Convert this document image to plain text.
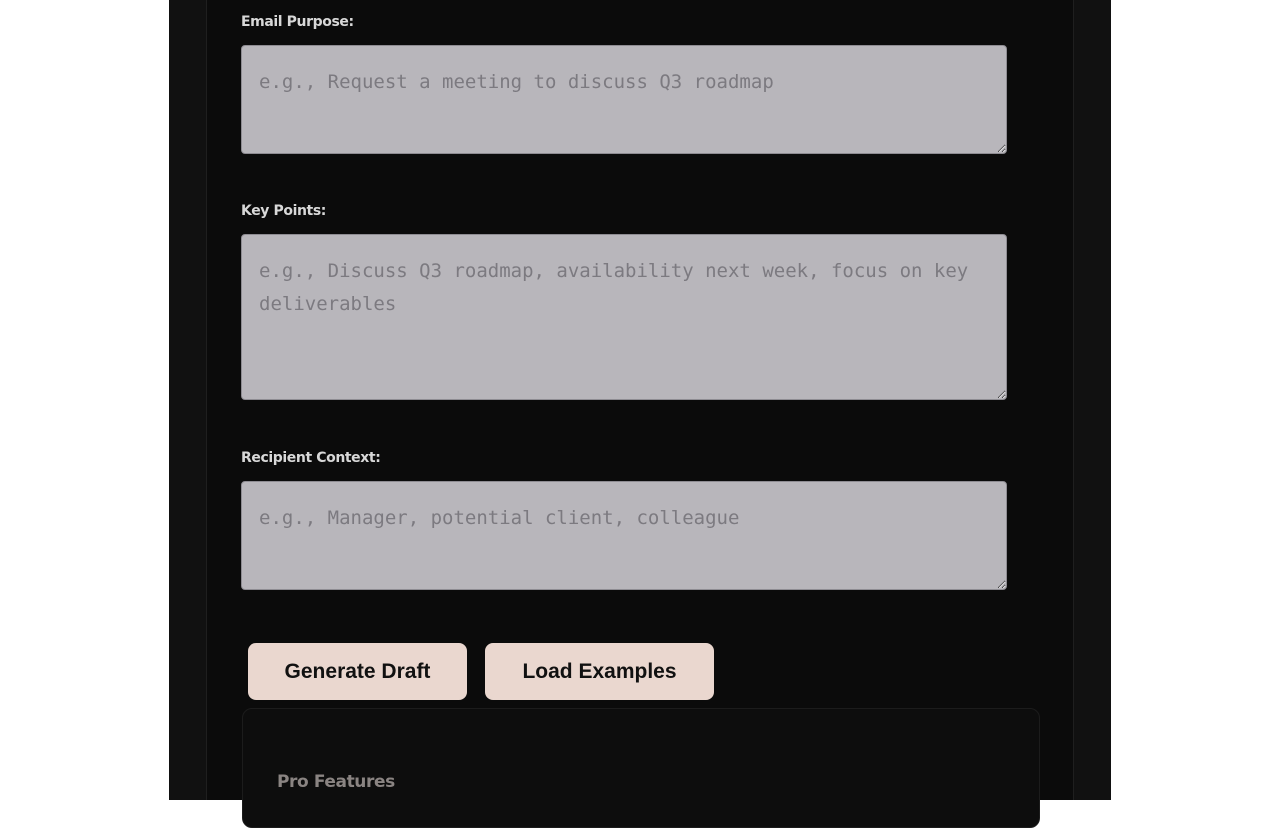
Email Purpose:
e.g., Request a meeting to discuss Q3 roadmap
Key Points:
e.g., Discuss Q3 roadmap, availability next week, focus on key deliverables
Recipient Context:
e.g., Manager, potential client, colleague
Generate Draft	Load Examples
Pro Features
